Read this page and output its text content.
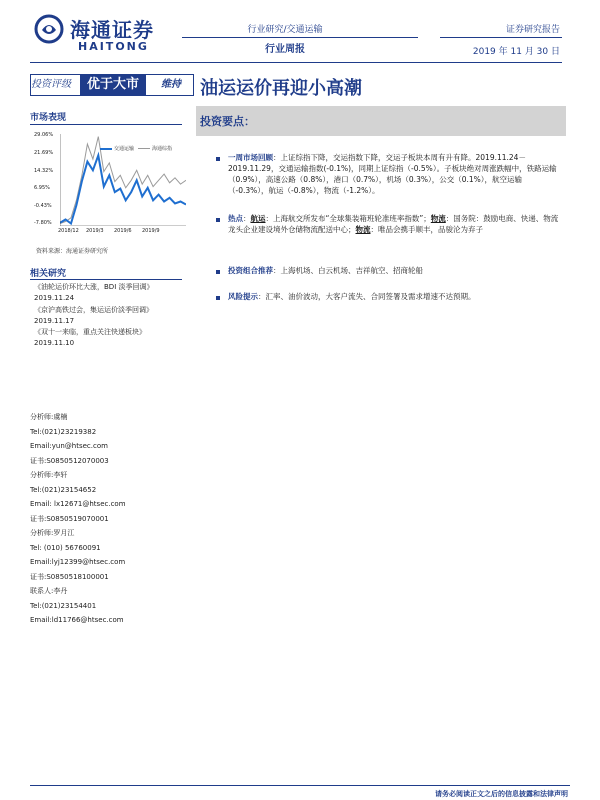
海通证券
HAITONG
行业研究/交通运输
行业周报
证券研究报告
2019 年 11 月 30 日
投资评级	优于大市	维持	油运运价再迎小高潮
市场表现
29.06%
21.69%
14.32%
6.95%
-0.43%
-7.80%
交通运输	海通综指
2018/12 2019/3 2019/6 2019/9
资料来源：海通证券研究所
相关研究
《油轮运价环比大涨，BDI 淡季回调》
2019.11.24
《京沪高铁过会，集运运价淡季回调》
2019.11.17
《双十一来临，重点关注快递板块》
2019.11.10
分析师:虞楠
Tel:(021)23219382
Email:yun@htsec.com
证书:S0850512070003
分析师:李轩
Tel:(021)23154652
Email: lx12671@htsec.com
证书:S0850519070001
分析师:罗月江
Tel: (010) 56760091
Email:lyj12399@htsec.com
证书:S0850518100001
联系人:李丹
Tel:(021)23154401
Email:ld11766@htsec.com
投资要点：
一周市场回顾：上证综指下降，交运指数下降，交运子板块本周有升有降。2019.11.24－2019.11.29，交通运输指数(-0.1%)，同期上证综指（-0.5%）。子板块绝对周涨跌幅中，铁路运输（0.9%），高速公路（0.8%），港口（0.7%），机场（0.3%），公交（0.1%），航空运输（-0.3%），航运（-0.8%），物流（-1.2%）。
热点：航运：上海航交所发布“全球集装箱班轮准班率指数”；物流：国务院：鼓励电商、快递、物流龙头企业建设境外仓储物流配送中心；物流：唯品会携手顺丰，品骏沦为弃子
投资组合推荐：上海机场、白云机场、吉祥航空、招商轮船
风险提示：汇率、油价波动，大客户流失、合同签署及需求增速不达预期。
请务必阅读正文之后的信息披露和法律声明
